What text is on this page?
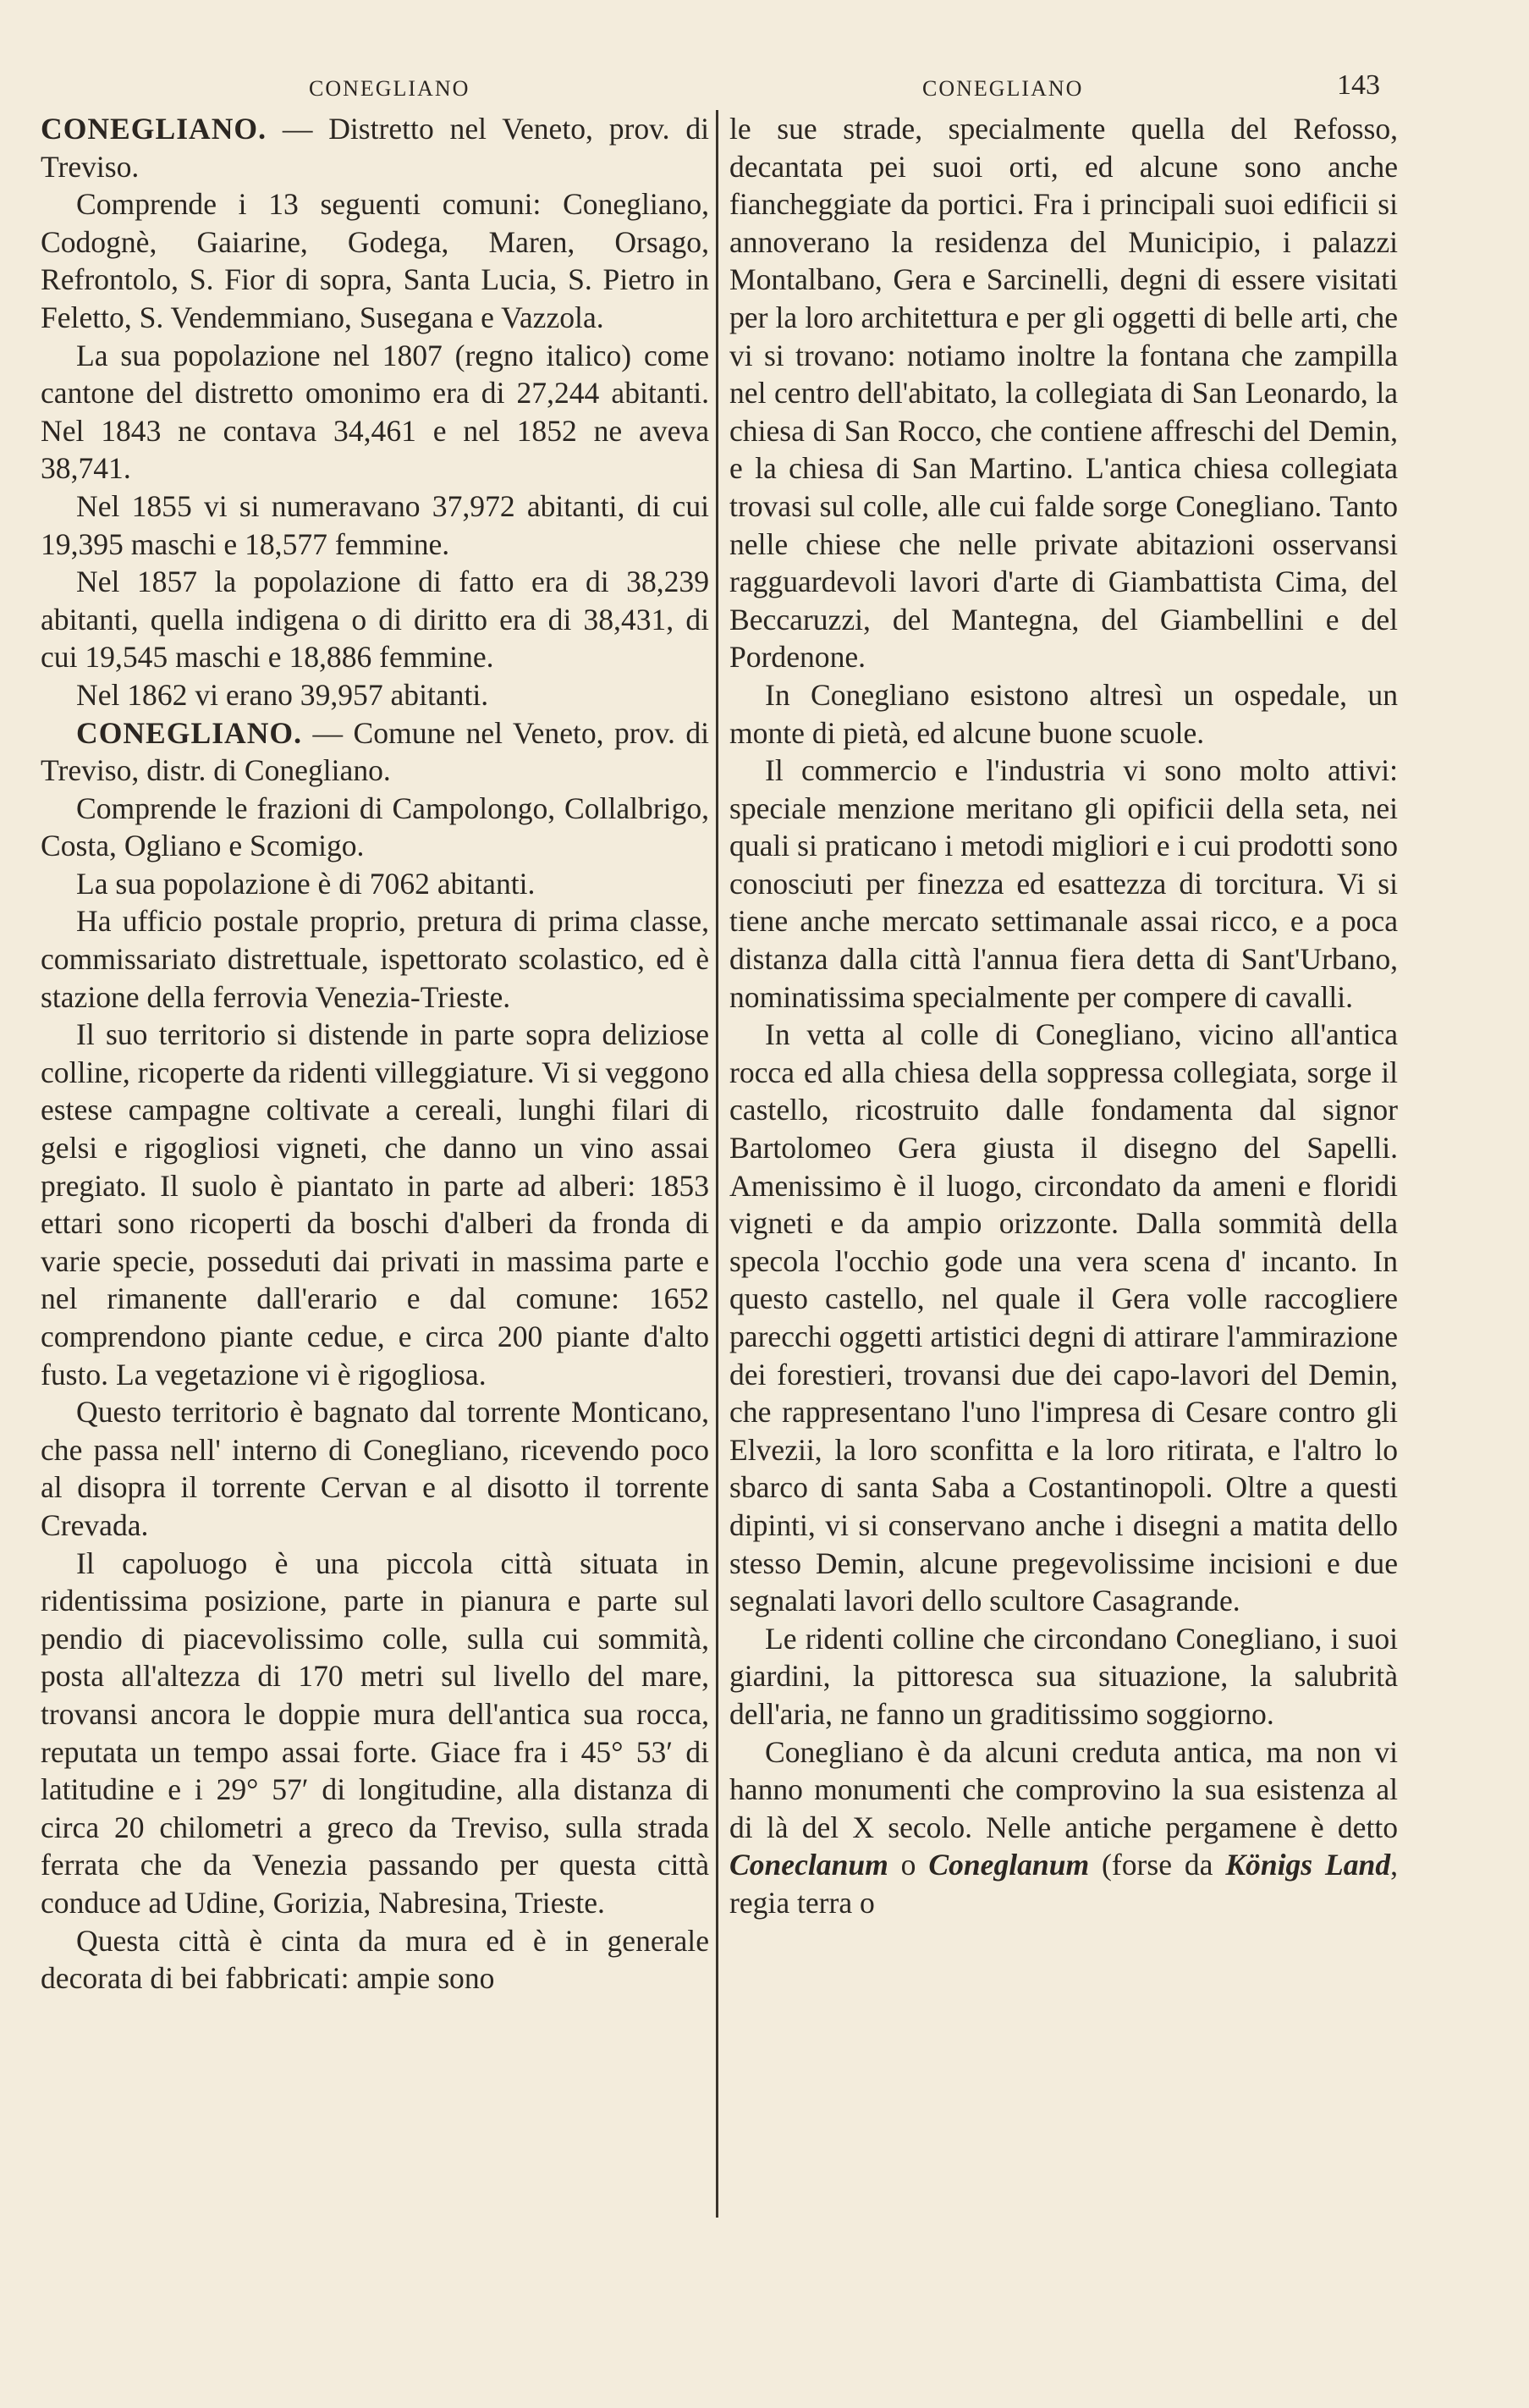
CONEGLIANO	CONEGLIANO	143

CONEGLIANO. — Distretto nel Veneto, prov. di Treviso.

Comprende i 13 seguenti comuni: Conegliano, Codognè, Gaiarine, Godega, Maren, Orsago, Refrontolo, S. Fior di sopra, Santa Lucia, S. Pietro in Feletto, S. Vendemmiano, Susegana e Vazzola.

La sua popolazione nel 1807 (regno italico) come cantone del distretto omonimo era di 27,244 abitanti. Nel 1843 ne contava 34,461 e nel 1852 ne aveva 38,741.

Nel 1855 vi si numeravano 37,972 abitanti, di cui 19,395 maschi e 18,577 femmine.

Nel 1857 la popolazione di fatto era di 38,239 abitanti, quella indigena o di diritto era di 38,431, di cui 19,545 maschi e 18,886 femmine.

Nel 1862 vi erano 39,957 abitanti.

CONEGLIANO. — Comune nel Veneto, prov. di Treviso, distr. di Conegliano.

Comprende le frazioni di Campolongo, Collalbrigo, Costa, Ogliano e Scomigo.

La sua popolazione è di 7062 abitanti.

Ha ufficio postale proprio, pretura di prima classe, commissariato distrettuale, ispettorato scolastico, ed è stazione della ferrovia Venezia-Trieste.

Il suo territorio si distende in parte sopra deliziose colline, ricoperte da ridenti villeggiature. Vi si veggono estese campagne coltivate a cereali, lunghi filari di gelsi e rigogliosi vigneti, che danno un vino assai pregiato. Il suolo è piantato in parte ad alberi: 1853 ettari sono ricoperti da boschi d'alberi da fronda di varie specie, posseduti dai privati in massima parte e nel rimanente dall'erario e dal comune: 1652 comprendono piante cedue, e circa 200 piante d'alto fusto. La vegetazione vi è rigogliosa.

Questo territorio è bagnato dal torrente Monticano, che passa nell' interno di Conegliano, ricevendo poco al disopra il torrente Cervan e al disotto il torrente Crevada.

Il capoluogo è una piccola città situata in ridentissima posizione, parte in pianura e parte sul pendio di piacevolissimo colle, sulla cui sommità, posta all'altezza di 170 metri sul livello del mare, trovansi ancora le doppie mura dell'antica sua rocca, reputata un tempo assai forte. Giace fra i 45° 53′ di latitudine e i 29° 57′ di longitudine, alla distanza di circa 20 chilometri a greco da Treviso, sulla strada ferrata che da Venezia passando per questa città conduce ad Udine, Gorizia, Nabresina, Trieste.

Questa città è cinta da mura ed è in generale decorata di bei fabbricati: ampie sono

le sue strade, specialmente quella del Refosso, decantata pei suoi orti, ed alcune sono anche fiancheggiate da portici. Fra i principali suoi edificii si annoverano la residenza del Municipio, i palazzi Montalbano, Gera e Sarcinelli, degni di essere visitati per la loro architettura e per gli oggetti di belle arti, che vi si trovano: notiamo inoltre la fontana che zampilla nel centro dell'abitato, la collegiata di San Leonardo, la chiesa di San Rocco, che contiene affreschi del Demin, e la chiesa di San Martino. L'antica chiesa collegiata trovasi sul colle, alle cui falde sorge Conegliano. Tanto nelle chiese che nelle private abitazioni osservansi ragguardevoli lavori d'arte di Giambattista Cima, del Beccaruzzi, del Mantegna, del Giambellini e del Pordenone.

In Conegliano esistono altresì un ospedale, un monte di pietà, ed alcune buone scuole.

Il commercio e l'industria vi sono molto attivi: speciale menzione meritano gli opificii della seta, nei quali si praticano i metodi migliori e i cui prodotti sono conosciuti per finezza ed esattezza di torcitura. Vi si tiene anche mercato settimanale assai ricco, e a poca distanza dalla città l'annua fiera detta di Sant'Urbano, nominatissima specialmente per compere di cavalli.

In vetta al colle di Conegliano, vicino all'antica rocca ed alla chiesa della soppressa collegiata, sorge il castello, ricostruito dalle fondamenta dal signor Bartolomeo Gera giusta il disegno del Sapelli. Amenissimo è il luogo, circondato da ameni e floridi vigneti e da ampio orizzonte. Dalla sommità della specola l'occhio gode una vera scena d' incanto. In questo castello, nel quale il Gera volle raccogliere parecchi oggetti artistici degni di attirare l'ammirazione dei forestieri, trovansi due dei capo-lavori del Demin, che rappresentano l'uno l'impresa di Cesare contro gli Elvezii, la loro sconfitta e la loro ritirata, e l'altro lo sbarco di santa Saba a Costantinopoli. Oltre a questi dipinti, vi si conservano anche i disegni a matita dello stesso Demin, alcune pregevolissime incisioni e due segnalati lavori dello scultore Casagrande.

Le ridenti colline che circondano Conegliano, i suoi giardini, la pittoresca sua situazione, la salubrità dell'aria, ne fanno un graditissimo soggiorno.

Conegliano è da alcuni creduta antica, ma non vi hanno monumenti che comprovino la sua esistenza al di là del X secolo. Nelle antiche pergamene è detto Coneclanum o Coneglanum (forse da Königs Land, regia terra o
